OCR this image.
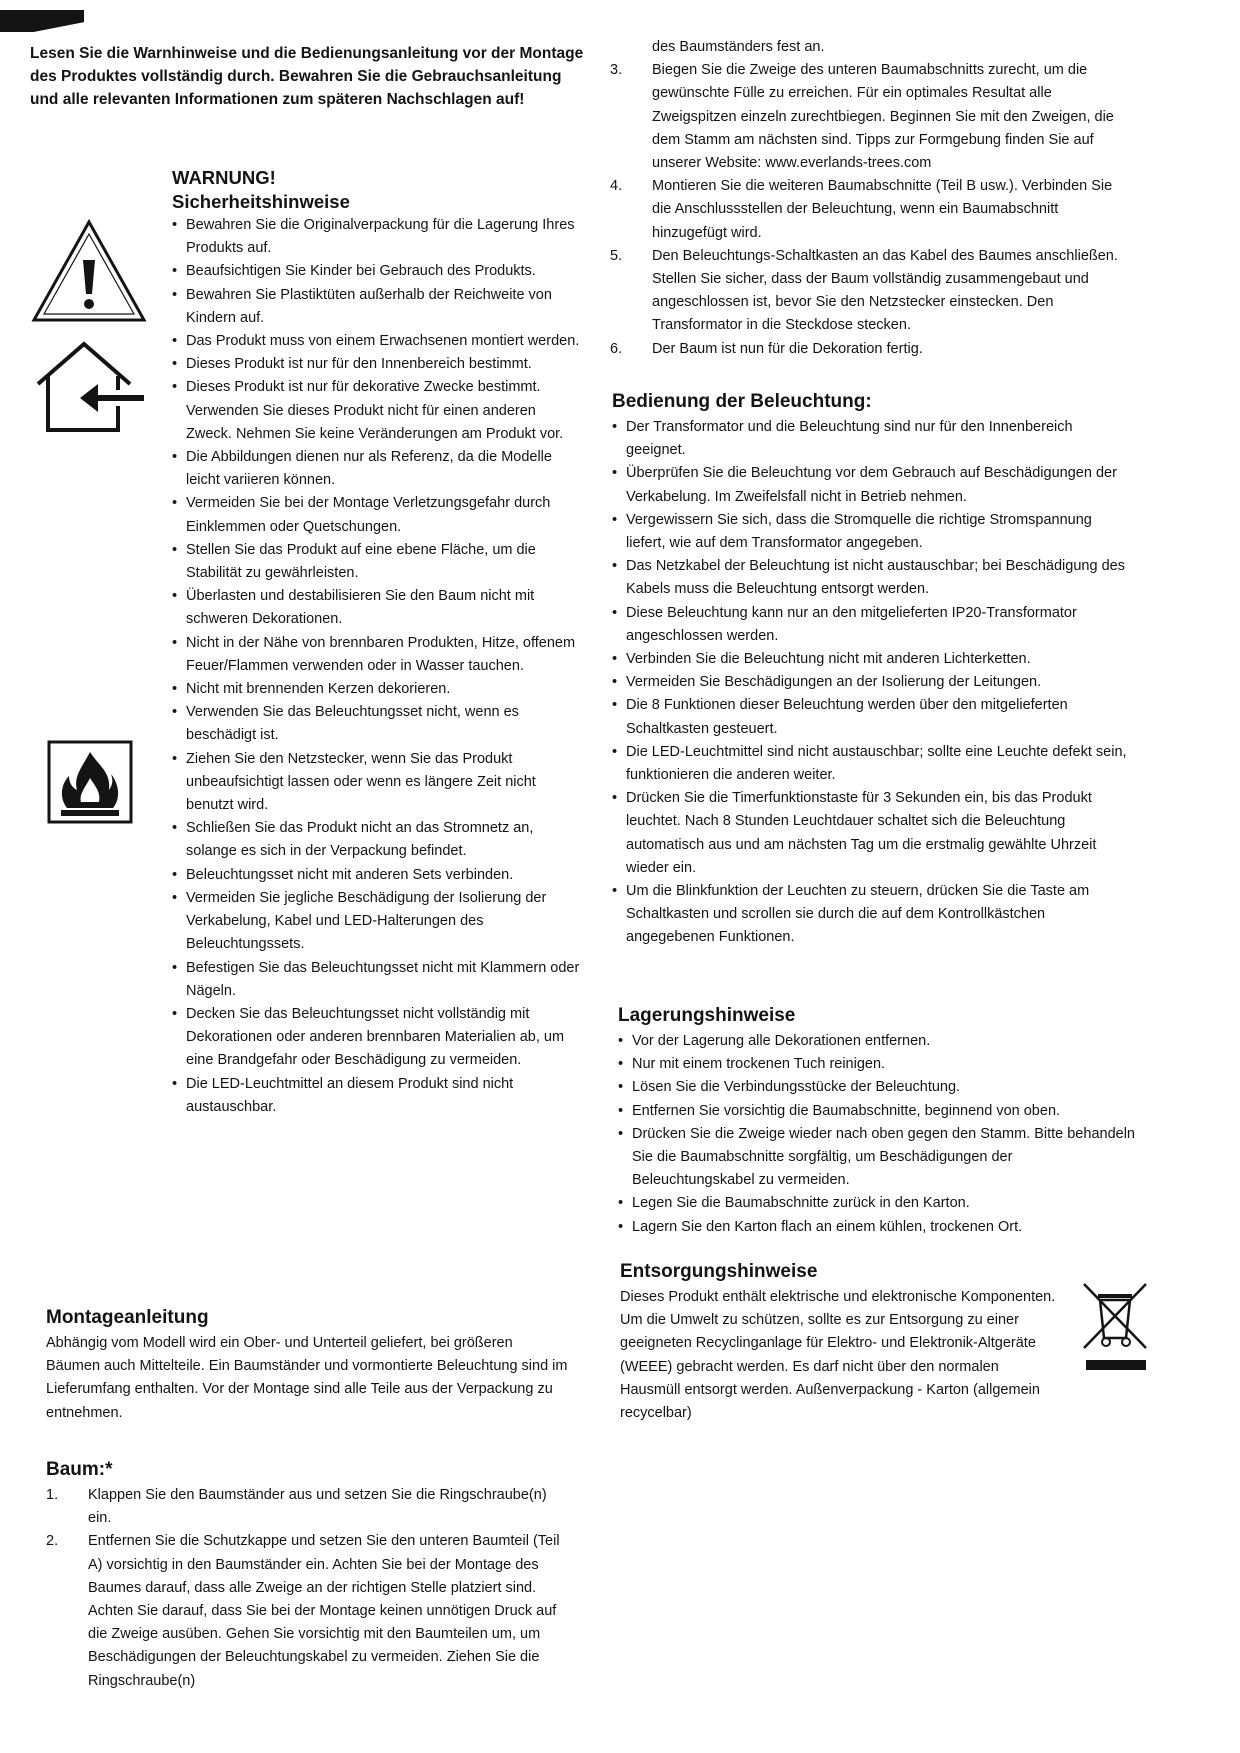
Lesen Sie die Warnhinweise und die Bedienungsanleitung vor der Montage des Produktes vollständig durch. Bewahren Sie die Gebrauchsanleitung und alle relevanten Informationen zum späteren Nachschlagen auf!
WARNUNG!
Sicherheitshinweise
• Bewahren Sie die Originalverpackung für die Lagerung Ihres Produkts auf.
• Beaufsichtigen Sie Kinder bei Gebrauch des Produkts.
• Bewahren Sie Plastiktüten außerhalb der Reichweite von Kindern auf.
• Das Produkt muss von einem Erwachsenen montiert werden.
• Dieses Produkt ist nur für den Innenbereich bestimmt.
• Dieses Produkt ist nur für dekorative Zwecke bestimmt. Verwenden Sie dieses Produkt nicht für einen anderen Zweck. Nehmen Sie keine Veränderungen am Produkt vor.
• Die Abbildungen dienen nur als Referenz, da die Modelle leicht variieren können.
• Vermeiden Sie bei der Montage Verletzungsgefahr durch Einklemmen oder Quetschungen.
• Stellen Sie das Produkt auf eine ebene Fläche, um die Stabilität zu gewährleisten.
• Überlasten und destabilisieren Sie den Baum nicht mit schweren Dekorationen.
• Nicht in der Nähe von brennbaren Produkten, Hitze, offenem Feuer/Flammen verwenden oder in Wasser tauchen.
• Nicht mit brennenden Kerzen dekorieren.
• Verwenden Sie das Beleuchtungsset nicht, wenn es beschädigt ist.
• Ziehen Sie den Netzstecker, wenn Sie das Produkt unbeaufsichtigt lassen oder wenn es längere Zeit nicht benutzt wird.
• Schließen Sie das Produkt nicht an das Stromnetz an, solange es sich in der Verpackung befindet.
• Beleuchtungsset nicht mit anderen Sets verbinden.
• Vermeiden Sie jegliche Beschädigung der Isolierung der Verkabelung, Kabel und LED-Halterungen des Beleuchtungssets.
• Befestigen Sie das Beleuchtungsset nicht mit Klammern oder Nägeln.
• Decken Sie das Beleuchtungsset nicht vollständig mit Dekorationen oder anderen brennbaren Materialien ab, um eine Brandgefahr oder Beschädigung zu vermeiden.
• Die LED-Leuchtmittel an diesem Produkt sind nicht austauschbar.
Montageanleitung

Abhängig vom Modell wird ein Ober- und Unterteil geliefert, bei größeren Bäumen auch Mittelteile. Ein Baumständer und vormontierte Beleuchtung sind im Lieferumfang enthalten. Vor der Montage sind alle Teile aus der Verpackung zu entnehmen.

Baum:*
1. Klappen Sie den Baumständer aus und setzen Sie die Ringschraube(n) ein.
2. Entfernen Sie die Schutzkappe und setzen Sie den unteren Baumteil (Teil A) vorsichtig in den Baumständer ein. Achten Sie bei der Montage des Baumes darauf, dass alle Zweige an der richtigen Stelle platziert sind. Achten Sie darauf, dass Sie bei der Montage keinen unnötigen Druck auf die Zweige ausüben. Gehen Sie vorsichtig mit den Baumteilen um, um Beschädigungen der Beleuchtungskabel zu vermeiden. Ziehen Sie die Ringschraube(n)

des Baumständers fest an.

3. Biegen Sie die Zweige des unteren Baumabschnitts zurecht, um die gewünschte Fülle zu erreichen. Für ein optimales Resultat alle Zweigspitzen einzeln zurechtbiegen. Beginnen Sie mit den Zweigen, die dem Stamm am nächsten sind. Tipps zur Formgebung finden Sie auf unserer Website: www.everlands-trees.com
4. Montieren Sie die weiteren Baumabschnitte (Teil B usw.). Verbinden Sie die Anschlussstellen der Beleuchtung, wenn ein Baumabschnitt hinzugefügt wird.
5. Den Beleuchtungs-Schaltkasten an das Kabel des Baumes anschließen. Stellen Sie sicher, dass der Baum vollständig zusammengebaut und angeschlossen ist, bevor Sie den Netzstecker einstecken. Den Transformator in die Steckdose stecken.
6. Der Baum ist nun für die Dekoration fertig.
Bedienung der Beleuchtung:
• Der Transformator und die Beleuchtung sind nur für den Innenbereich geeignet.
• Überprüfen Sie die Beleuchtung vor dem Gebrauch auf Beschädigungen der Verkabelung. Im Zweifelsfall nicht in Betrieb nehmen.
• Vergewissern Sie sich, dass die Stromquelle die richtige Stromspannung liefert, wie auf dem Transformator angegeben.
• Das Netzkabel der Beleuchtung ist nicht austauschbar; bei Beschädigung des Kabels muss die Beleuchtung entsorgt werden.
• Diese Beleuchtung kann nur an den mitgelieferten IP20-Transformator angeschlossen werden.
• Verbinden Sie die Beleuchtung nicht mit anderen Lichterketten.
• Vermeiden Sie Beschädigungen an der Isolierung der Leitungen.
• Die 8 Funktionen dieser Beleuchtung werden über den mitgelieferten Schaltkasten gesteuert.
• Die LED-Leuchtmittel sind nicht austauschbar; sollte eine Leuchte defekt sein, funktionieren die anderen weiter.
• Drücken Sie die Timerfunktionstaste für 3 Sekunden ein, bis das Produkt leuchtet. Nach 8 Stunden Leuchtdauer schaltet sich die Beleuchtung automatisch aus und am nächsten Tag um die erstmalig gewählte Uhrzeit wieder ein.
• Um die Blinkfunktion der Leuchten zu steuern, drücken Sie die Taste am Schaltkasten und scrollen sie durch die auf dem Kontrollkästchen angegebenen Funktionen.
Lagerungshinweise
• Vor der Lagerung alle Dekorationen entfernen.
• Nur mit einem trockenen Tuch reinigen.
• Lösen Sie die Verbindungsstücke der Beleuchtung.
• Entfernen Sie vorsichtig die Baumabschnitte, beginnend von oben.
• Drücken Sie die Zweige wieder nach oben gegen den Stamm. Bitte behandeln Sie die Baumabschnitte sorgfältig, um Beschädigungen der Beleuchtungskabel zu vermeiden.
• Legen Sie die Baumabschnitte zurück in den Karton.
• Lagern Sie den Karton flach an einem kühlen, trockenen Ort.
Entsorgungshinweise

Dieses Produkt enthält elektrische und elektronische Komponenten. Um die Umwelt zu schützen, sollte es zur Entsorgung zu einer geeigneten Recyclinganlage für Elektro- und Elektronik-Altgeräte (WEEE) gebracht werden. Es darf nicht über den normalen Hausmüll entsorgt werden. Außenverpackung - Karton (allgemein recycelbar)
